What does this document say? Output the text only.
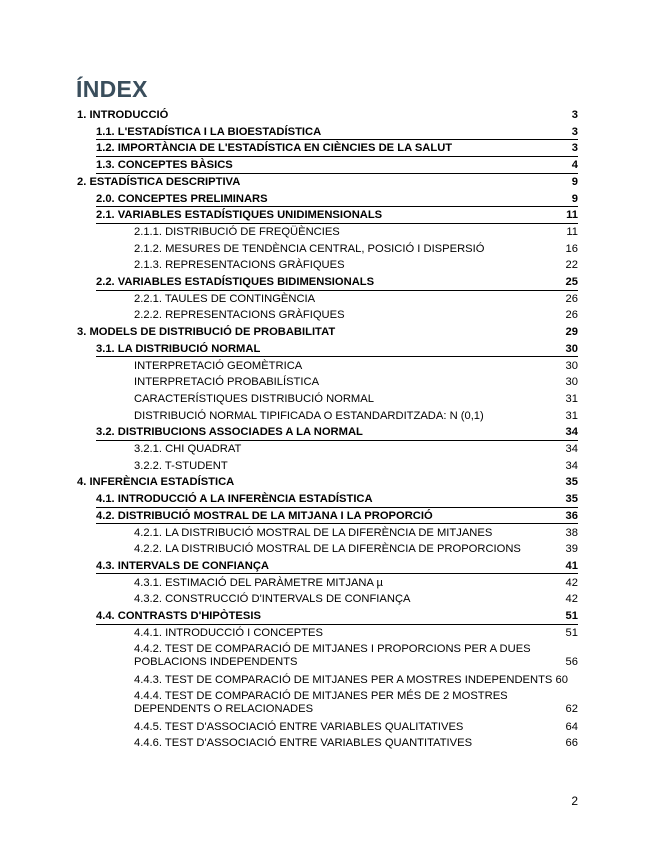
ÍNDEX
1. INTRODUCCIÓ	3
1.1. L'ESTADÍSTICA I LA BIOESTADÍSTICA	3
1.2. IMPORTÀNCIA DE L'ESTADÍSTICA EN CIÈNCIES DE LA SALUT	3
1.3. CONCEPTES BÀSICS	4
2. ESTADÍSTICA DESCRIPTIVA	9
2.0. CONCEPTES PRELIMINARS	9
2.1. VARIABLES ESTADÍSTIQUES UNIDIMENSIONALS	11
2.1.1. DISTRIBUCIÓ DE FREQÜÈNCIES	11
2.1.2. MESURES DE TENDÈNCIA CENTRAL, POSICIÓ I DISPERSIÓ	16
2.1.3. REPRESENTACIONS GRÀFIQUES	22
2.2. VARIABLES ESTADÍSTIQUES BIDIMENSIONALS	25
2.2.1. TAULES DE CONTINGÈNCIA	26
2.2.2. REPRESENTACIONS GRÀFIQUES	26
3. MODELS DE DISTRIBUCIÓ DE PROBABILITAT	29
3.1. LA DISTRIBUCIÓ NORMAL	30
INTERPRETACIÓ GEOMÈTRICA	30
INTERPRETACIÓ PROBABILÍSTICA	30
CARACTERÍSTIQUES DISTRIBUCIÓ NORMAL	31
DISTRIBUCIÓ NORMAL TIPIFICADA O ESTANDARDITZADA: N (0,1)	31
3.2. DISTRIBUCIONS ASSOCIADES A LA NORMAL	34
3.2.1. CHI QUADRAT	34
3.2.2. T-STUDENT	34
4. INFERÈNCIA ESTADÍSTICA	35
4.1. INTRODUCCIÓ A LA INFERÈNCIA ESTADÍSTICA	35
4.2. DISTRIBUCIÓ MOSTRAL DE LA MITJANA I LA PROPORCIÓ	36
4.2.1. LA DISTRIBUCIÓ MOSTRAL DE LA DIFERÈNCIA DE MITJANES	38
4.2.2. LA DISTRIBUCIÓ MOSTRAL DE LA DIFERÈNCIA DE PROPORCIONS	39
4.3. INTERVALS DE CONFIANÇA	41
4.3.1. ESTIMACIÓ DEL PARÀMETRE MITJANA µ	42
4.3.2. CONSTRUCCIÓ D'INTERVALS DE CONFIANÇA	42
4.4. CONTRASTS D'HIPÒTESIS	51
4.4.1. INTRODUCCIÓ I CONCEPTES	51
4.4.2. TEST DE COMPARACIÓ DE MITJANES I PROPORCIONS PER A DUES POBLACIONS INDEPENDENTS	56
4.4.3. TEST DE COMPARACIÓ DE MITJANES PER A MOSTRES INDEPENDENTS 60
4.4.4. TEST DE COMPARACIÓ DE MITJANES PER MÉS DE 2 MOSTRES DEPENDENTS O RELACIONADES	62
4.4.5. TEST D'ASSOCIACIÓ ENTRE VARIABLES QUALITATIVES	64
4.4.6. TEST D'ASSOCIACIÓ ENTRE VARIABLES QUANTITATIVES	66
2
